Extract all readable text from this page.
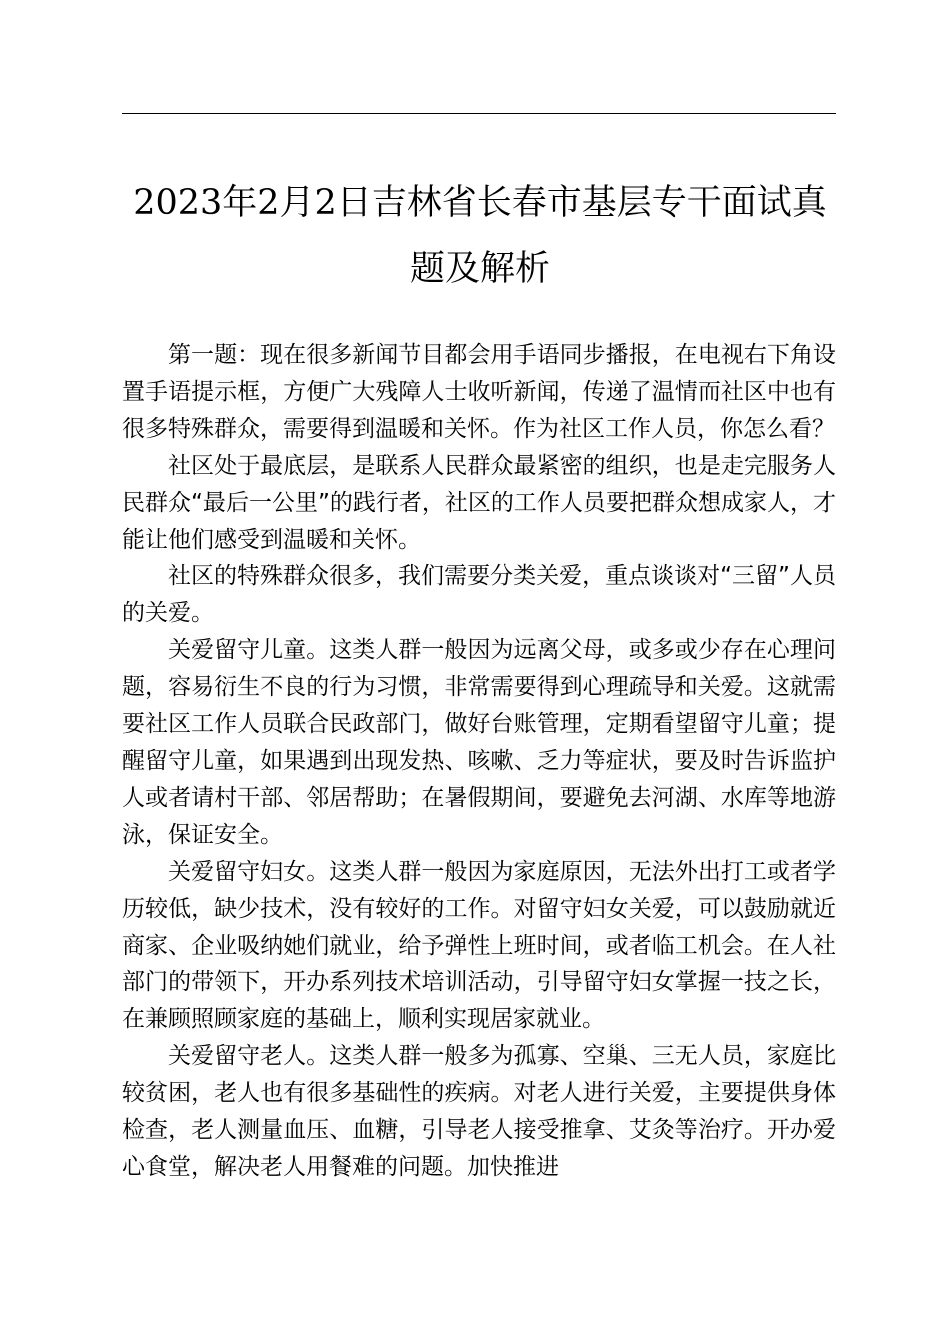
2023年2月2日吉林省长春市基层专干面试真
题及解析

第一题：现在很多新闻节目都会用手语同步播报，在电视右下角设置手语提示框，方便广大残障人士收听新闻，传递了温情而社区中也有很多特殊群众，需要得到温暖和关怀。作为社区工作人员，你怎么看？

社区处于最底层，是联系人民群众最紧密的组织，也是走完服务人民群众“最后一公里”的践行者，社区的工作人员要把群众想成家人，才能让他们感受到温暖和关怀。

社区的特殊群众很多，我们需要分类关爱，重点谈谈对“三留”人员的关爱。

关爱留守儿童。这类人群一般因为远离父母，或多或少存在心理问题，容易衍生不良的行为习惯，非常需要得到心理疏导和关爱。这就需要社区工作人员联合民政部门，做好台账管理，定期看望留守儿童；提醒留守儿童，如果遇到出现发热、咳嗽、乏力等症状，要及时告诉监护人或者请村干部、邻居帮助；在暑假期间，要避免去河湖、水库等地游泳，保证安全。

关爱留守妇女。这类人群一般因为家庭原因，无法外出打工或者学历较低，缺少技术，没有较好的工作。对留守妇女关爱，可以鼓励就近商家、企业吸纳她们就业，给予弹性上班时间，或者临工机会。在人社部门的带领下，开办系列技术培训活动，引导留守妇女掌握一技之长，在兼顾照顾家庭的基础上，顺利实现居家就业。

关爱留守老人。这类人群一般多为孤寡、空巢、三无人员，家庭比较贫困，老人也有很多基础性的疾病。对老人进行关爱，主要提供身体检查，老人测量血压、血糖，引导老人接受推拿、艾灸等治疗。开办爱心食堂，解决老人用餐难的问题。加快推进
